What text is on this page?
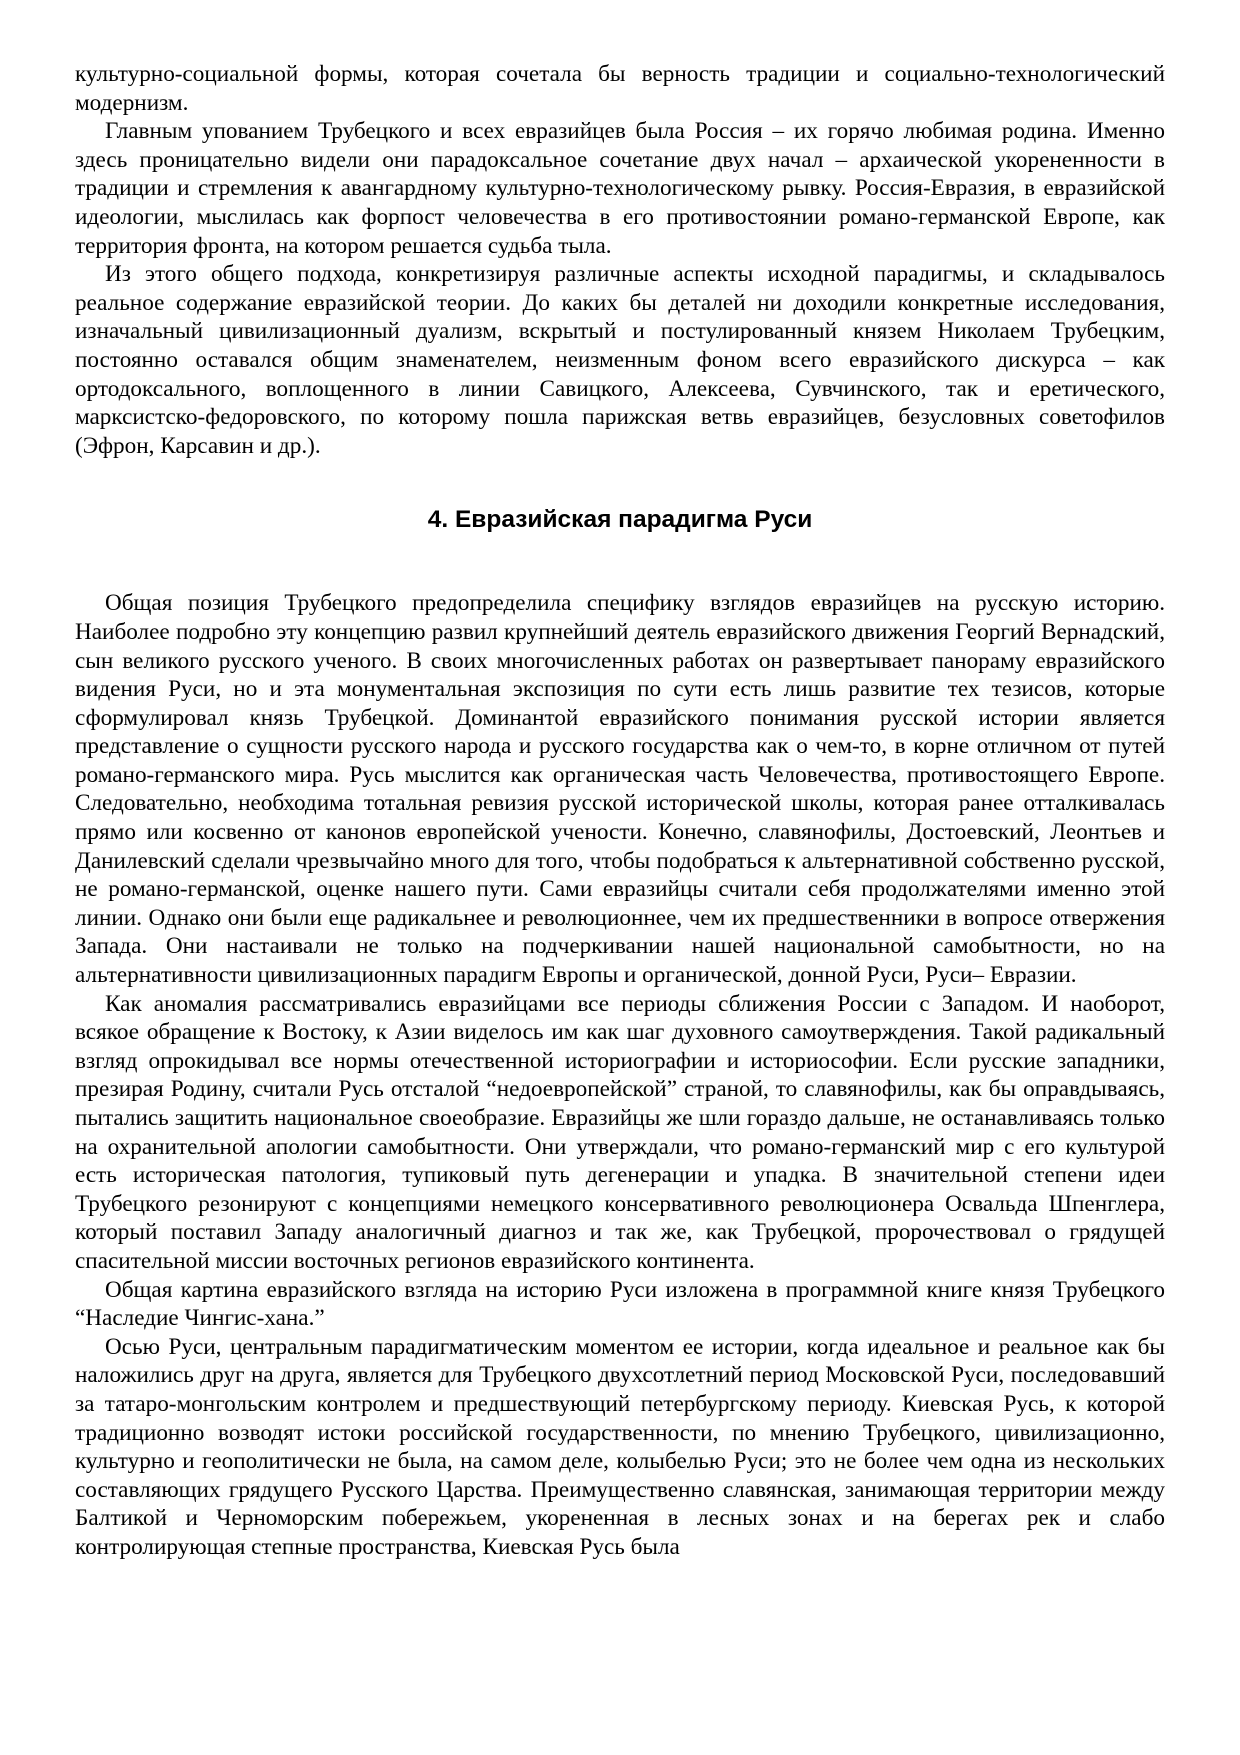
культурно-социальной формы, которая сочетала бы верность традиции и социально-технологический модернизм.

Главным упованием Трубецкого и всех евразийцев была Россия – их горячо любимая родина. Именно здесь проницательно видели они парадоксальное сочетание двух начал – архаической укорененности в традиции и стремления к авангардному культурно-технологическому рывку. Россия-Евразия, в евразийской идеологии, мыслилась как форпост человечества в его противостоянии романо-германской Европе, как территория фронта, на котором решается судьба тыла.

Из этого общего подхода, конкретизируя различные аспекты исходной парадигмы, и складывалось реальное содержание евразийской теории. До каких бы деталей ни доходили конкретные исследования, изначальный цивилизационный дуализм, вскрытый и постулированный князем Николаем Трубецким, постоянно оставался общим знаменателем, неизменным фоном всего евразийского дискурса – как ортодоксального, воплощенного в линии Савицкого, Алексеева, Сувчинского, так и еретического, марксистско-федоровского, по которому пошла парижская ветвь евразийцев, безусловных советофилов (Эфрон, Карсавин и др.).

4. Евразийская парадигма Руси

Общая позиция Трубецкого предопределила специфику взглядов евразийцев на русскую историю. Наиболее подробно эту концепцию развил крупнейший деятель евразийского движения Георгий Вернадский, сын великого русского ученого. В своих многочисленных работах он развертывает панораму евразийского видения Руси, но и эта монументальная экспозиция по сути есть лишь развитие тех тезисов, которые сформулировал князь Трубецкой. Доминантой евразийского понимания русской истории является представление о сущности русского народа и русского государства как о чем-то, в корне отличном от путей романо-германского мира. Русь мыслится как органическая часть Человечества, противостоящего Европе. Следовательно, необходима тотальная ревизия русской исторической школы, которая ранее отталкивалась прямо или косвенно от канонов европейской учености. Конечно, славянофилы, Достоевский, Леонтьев и Данилевский сделали чрезвычайно много для того, чтобы подобраться к альтернативной собственно русской, не романо-германской, оценке нашего пути. Сами евразийцы считали себя продолжателями именно этой линии. Однако они были еще радикальнее и революционнее, чем их предшественники в вопросе отвержения Запада. Они настаивали не только на подчеркивании нашей национальной самобытности, но на альтернативности цивилизационных парадигм Европы и органической, донной Руси, Руси– Евразии.

Как аномалия рассматривались евразийцами все периоды сближения России с Западом. И наоборот, всякое обращение к Востоку, к Азии виделось им как шаг духовного самоутверждения. Такой радикальный взгляд опрокидывал все нормы отечественной историографии и историософии. Если русские западники, презирая Родину, считали Русь отсталой “недоевропейской” страной, то славянофилы, как бы оправдываясь, пытались защитить национальное своеобразие. Евразийцы же шли гораздо дальше, не останавливаясь только на охранительной апологии самобытности. Они утверждали, что романо-германский мир с его культурой есть историческая патология, тупиковый путь дегенерации и упадка. В значительной степени идеи Трубецкого резонируют с концепциями немецкого консервативного революционера Освальда Шпенглера, который поставил Западу аналогичный диагноз и так же, как Трубецкой, пророчествовал о грядущей спасительной миссии восточных регионов евразийского континента.

Общая картина евразийского взгляда на историю Руси изложена в программной книге князя Трубецкого “Наследие Чингис-хана.”

Осью Руси, центральным парадигматическим моментом ее истории, когда идеальное и реальное как бы наложились друг на друга, является для Трубецкого двухсотлетний период Московской Руси, последовавший за татаро-монгольским контролем и предшествующий петербургскому периоду. Киевская Русь, к которой традиционно возводят истоки российской государственности, по мнению Трубецкого, цивилизационно, культурно и геополитически не была, на самом деле, колыбелью Руси; это не более чем одна из нескольких составляющих грядущего Русского Царства. Преимущественно славянская, занимающая территории между Балтикой и Черноморским побережьем, укорененная в лесных зонах и на берегах рек и слабо контролирующая степные пространства, Киевская Русь была
